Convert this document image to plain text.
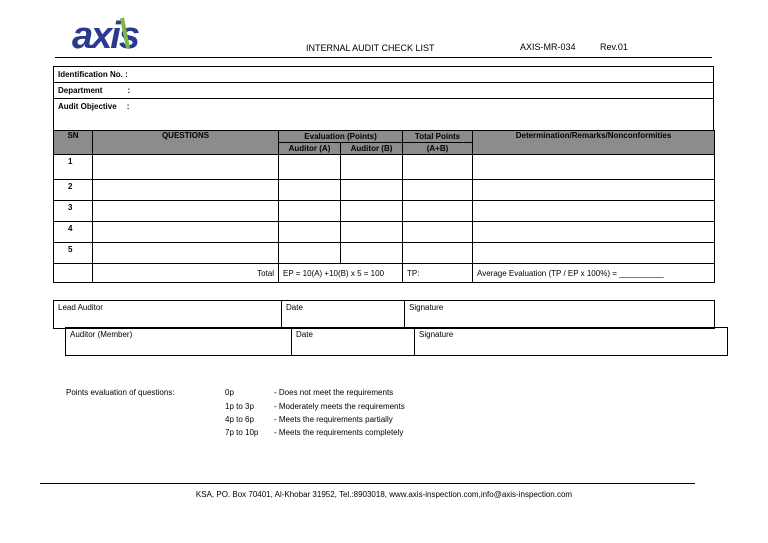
axis	INTERNAL AUDIT CHECK LIST	AXIS-MR-034	Rev.01
Identification No. :
Department	:
Audit Objective :
SN	QUESTIONS	Evaluation (Points)		Total Points	Determination/Remarks/Nonconformities
		Auditor (A)	Auditor (B)	(A+B)	
1					
2					
3					
4					
5					
	Total	EP = 10(A) +10(B) x 5 = 100		TP:	Average Evaluation (TP / EP x 100%) = __________
Lead Auditor	Date	Signature
Auditor (Member)	Date	Signature
Points evaluation of questions:	0p	- Does not meet the requirements
1p to 3p	- Moderately meets the requirements
4p to 6p	- Meets the requirements partially
7p to 10p - Meets the requirements completely
KSA, PO. Box 70401, Al-Khobar 31952, Tel.:8903018, www.axis-inspection.com,info@axis-inspection.com
